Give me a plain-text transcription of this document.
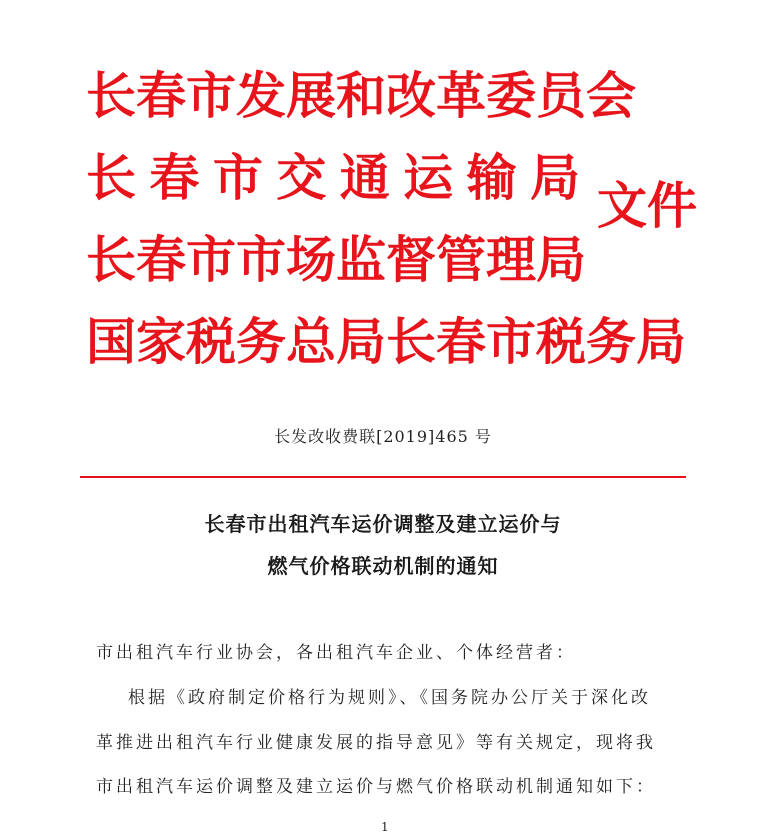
长春市发展和改革委员会
长春市交通运输局
长春市市场监督管理局
国家税务总局长春市税务局
文件
长发改收费联[2019]465 号
长春市出租汽车运价调整及建立运价与
燃气价格联动机制的通知
市出租汽车行业协会，各出租汽车企业、个体经营者：
根据《政府制定价格行为规则》、《国务院办公厅关于深化改
革推进出租汽车行业健康发展的指导意见》等有关规定，现将我
市出租汽车运价调整及建立运价与燃气价格联动机制通知如下：
1
